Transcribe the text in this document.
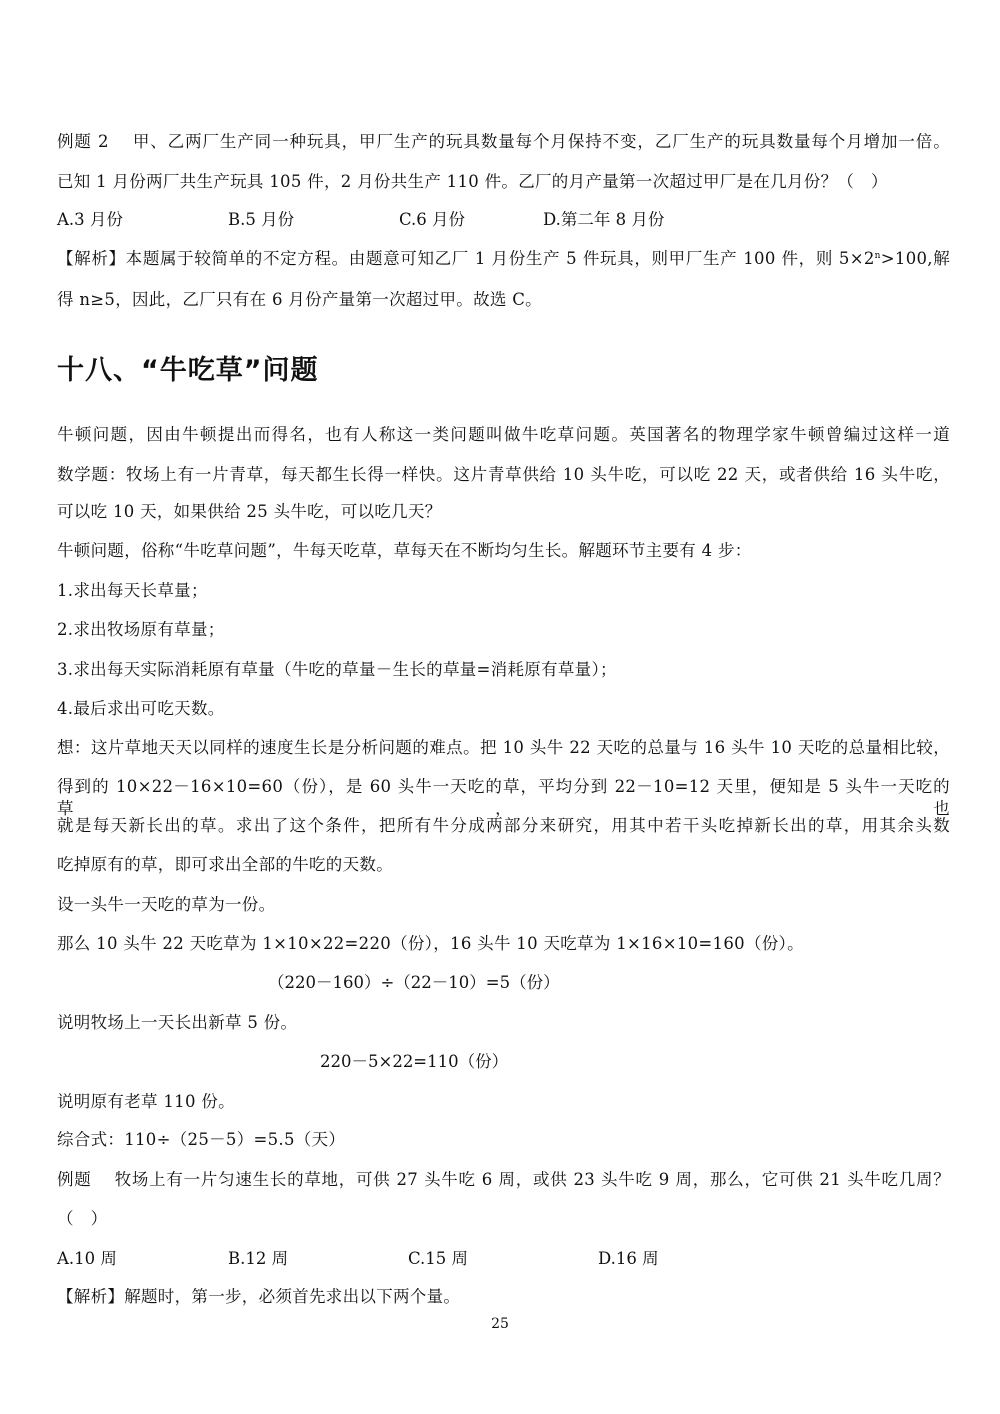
例题 2　 甲、乙两厂生产同一种玩具，甲厂生产的玩具数量每个月保持不变，乙厂生产的玩具数量每个月增加一倍。
已知 1 月份两厂共生产玩具 105 件，2 月份共生产 110 件。乙厂的月产量第一次超过甲厂是在几月份？（　）
A.3 月份	B.5 月份	C.6 月份	D.第二年 8 月份
【解析】本题属于较简单的不定方程。由题意可知乙厂 1 月份生产 5 件玩具，则甲厂生产 100 件，则 $5\times 2^n>100$,解
得 n≥5，因此，乙厂只有在 6 月份产量第一次超过甲。故选 C。
十八、“牛吃草”问题
牛顿问题，因由牛顿提出而得名，也有人称这一类问题叫做牛吃草问题。英国著名的物理学家牛顿曾编过这样一道
数学题：牧场上有一片青草，每天都生长得一样快。这片青草供给 10 头牛吃，可以吃 22 天，或者供给 16 头牛吃，
可以吃 10 天，如果供给 25 头牛吃，可以吃几天？
牛顿问题，俗称“牛吃草问题”，牛每天吃草，草每天在不断均匀生长。解题环节主要有 4 步：
1.求出每天长草量；
2.求出牧场原有草量；
3.求出每天实际消耗原有草量（牛吃的草量－生长的草量=消耗原有草量）；
4.最后求出可吃天数。
想：这片草地天天以同样的速度生长是分析问题的难点。把 10 头牛 22 天吃的总量与 16 头牛 10 天吃的总量相比较，
得到的 10×22－16×10=60（份），是 60 头牛一天吃的草，平均分到 22－10=12 天里，便知是 5 头牛一天吃的草，也
就是每天新长出的草。求出了这个条件，把所有牛分成两部分来研究，用其中若干头吃掉新长出的草，用其余头数
吃掉原有的草，即可求出全部的牛吃的天数。
设一头牛一天吃的草为一份。
那么 10 头牛 22 天吃草为 1×10×22=220（份），16 头牛 10 天吃草为 1×16×10=160（份）。
（220－160）÷（22－10）=5（份）
说明牧场上一天长出新草 5 份。
220－5×22=110（份）
说明原有老草 110 份。
综合式：110÷（25－5）=5.5（天）
例题　 牧场上有一片匀速生长的草地，可供 27 头牛吃 6 周，或供 23 头牛吃 9 周，那么，它可供 21 头牛吃几周？
（　）
A.10 周	B.12 周	C.15 周	D.16 周
【解析】解题时，第一步，必须首先求出以下两个量。
25
